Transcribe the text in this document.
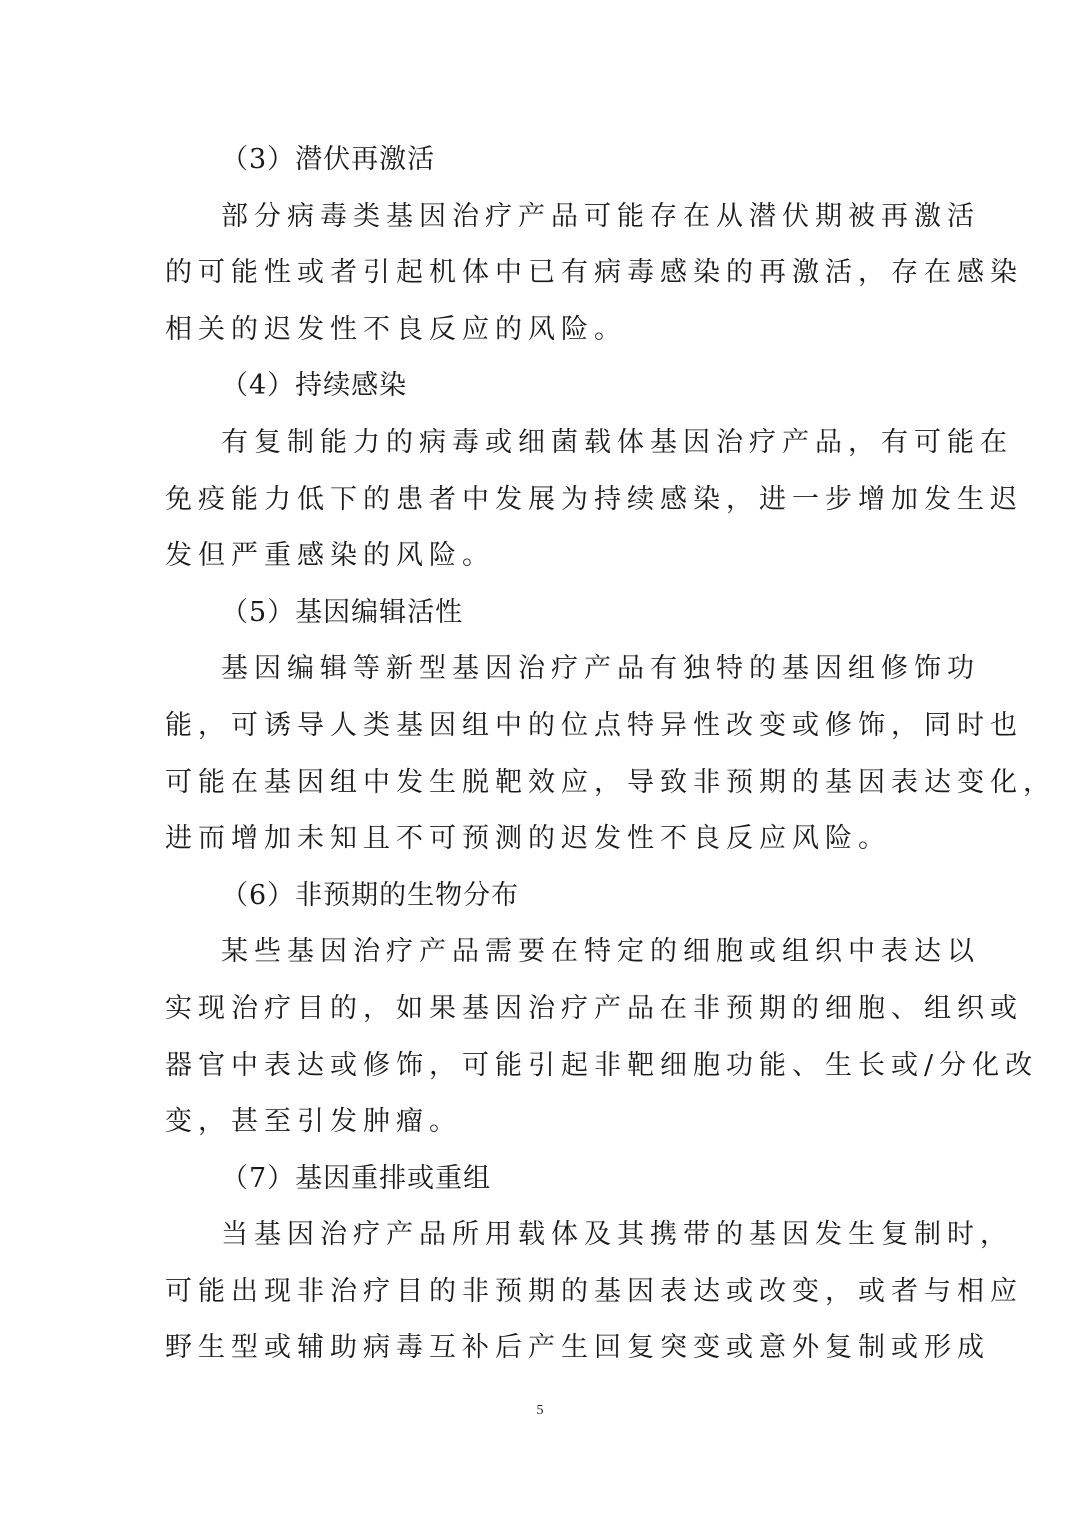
（3）潜伏再激活
部分病毒类基因治疗产品可能存在从潜伏期被再激活
的可能性或者引起机体中已有病毒感染的再激活，存在感染
相关的迟发性不良反应的风险。
（4）持续感染
有复制能力的病毒或细菌载体基因治疗产品，有可能在
免疫能力低下的患者中发展为持续感染，进一步增加发生迟
发但严重感染的风险。
（5）基因编辑活性
基因编辑等新型基因治疗产品有独特的基因组修饰功
能，可诱导人类基因组中的位点特异性改变或修饰，同时也
可能在基因组中发生脱靶效应，导致非预期的基因表达变化，
进而增加未知且不可预测的迟发性不良反应风险。
（6）非预期的生物分布
某些基因治疗产品需要在特定的细胞或组织中表达以
实现治疗目的，如果基因治疗产品在非预期的细胞、组织或
器官中表达或修饰，可能引起非靶细胞功能、生长或/分化改
变，甚至引发肿瘤。
（7）基因重排或重组
当基因治疗产品所用载体及其携带的基因发生复制时，
可能出现非治疗目的非预期的基因表达或改变，或者与相应
野生型或辅助病毒互补后产生回复突变或意外复制或形成
5
